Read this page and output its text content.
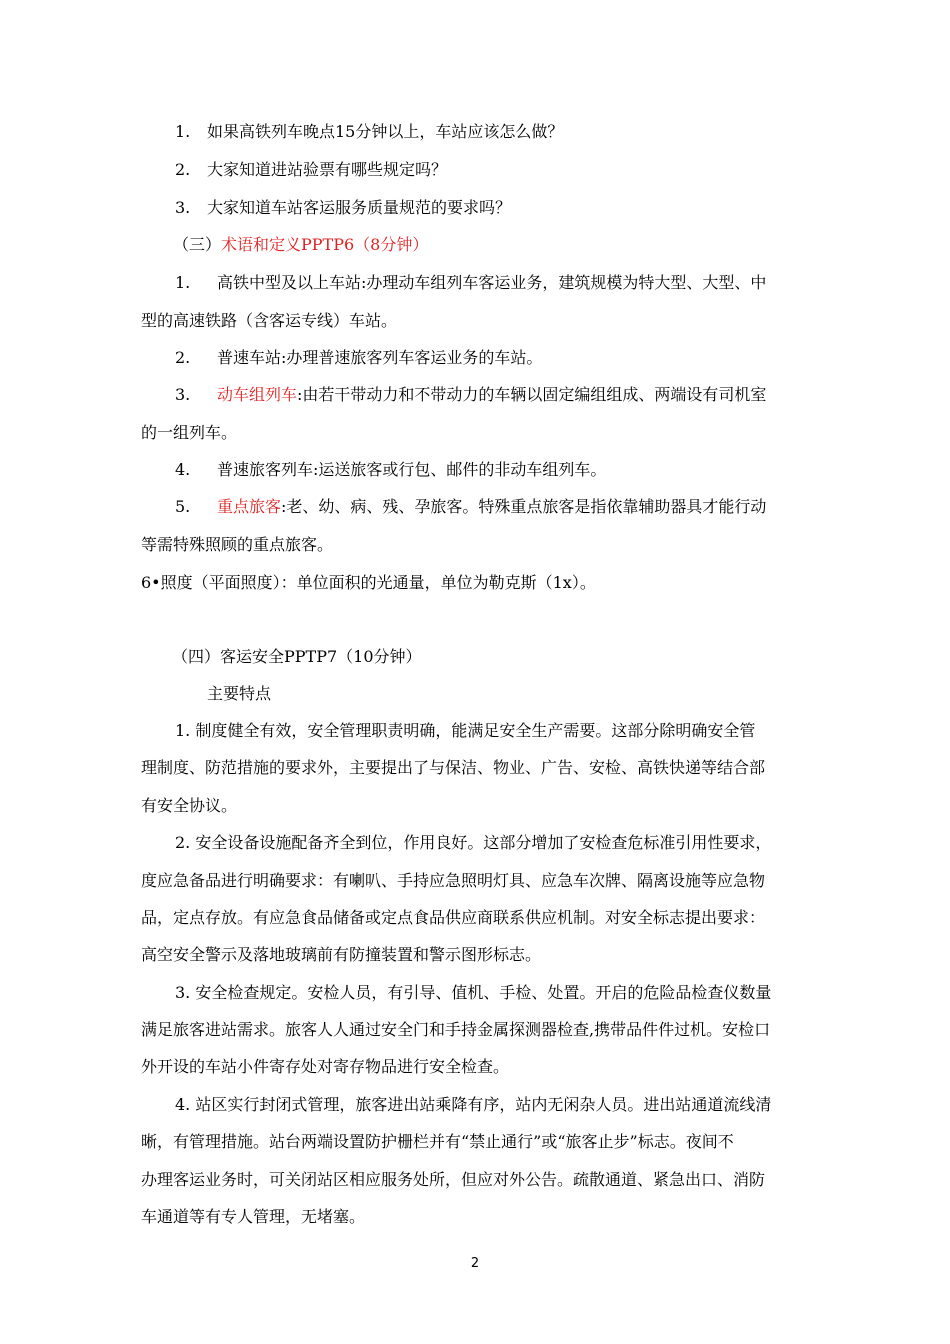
1. 如果高铁列车晚点15分钟以上，车站应该怎么做？
2. 大家知道进站验票有哪些规定吗？
3. 大家知道车站客运服务质量规范的要求吗？
（三）术语和定义PPTP6（8分钟）
1. 高铁中型及以上车站:办理动车组列车客运业务，建筑规模为特大型、大型、中
型的高速铁路（含客运专线）车站。
2. 普速车站:办理普速旅客列车客运业务的车站。
3. 动车组列车:由若干带动力和不带动力的车辆以固定编组组成、两端设有司机室
的一组列车。
4. 普速旅客列车:运送旅客或行包、邮件的非动车组列车。
5. 重点旅客:老、幼、病、残、孕旅客。特殊重点旅客是指依靠辅助器具才能行动
等需特殊照顾的重点旅客。
6•照度（平面照度）：单位面积的光通量，单位为勒克斯（1x）。
（四）客运安全PPTP7（10分钟）
主要特点
1. 制度健全有效，安全管理职责明确，能满足安全生产需要。这部分除明确安全管
理制度、防范措施的要求外，主要提出了与保洁、物业、广告、安检、高铁快递等结合部
有安全协议。
2. 安全设备设施配备齐全到位，作用良好。这部分增加了安检查危标准引用性要求，
度应急备品进行明确要求：有喇叭、手持应急照明灯具、应急车次牌、隔离设施等应急物
品，定点存放。有应急食品储备或定点食品供应商联系供应机制。对安全标志提出要求：
高空安全警示及落地玻璃前有防撞装置和警示图形标志。
3. 安全检查规定。安检人员，有引导、值机、手检、处置。开启的危险品检查仪数量
满足旅客进站需求。旅客人人通过安全门和手持金属探测器检查,携带品件件过机。安检口
外开设的车站小件寄存处对寄存物品进行安全检查。
4. 站区实行封闭式管理，旅客进出站乘降有序，站内无闲杂人员。进出站通道流线清
晰，有管理措施。站台两端设置防护栅栏并有“禁止通行”或“旅客止步”标志。夜间不
办理客运业务时，可关闭站区相应服务处所，但应对外公告。疏散通道、紧急出口、消防
车通道等有专人管理，无堵塞。
2
